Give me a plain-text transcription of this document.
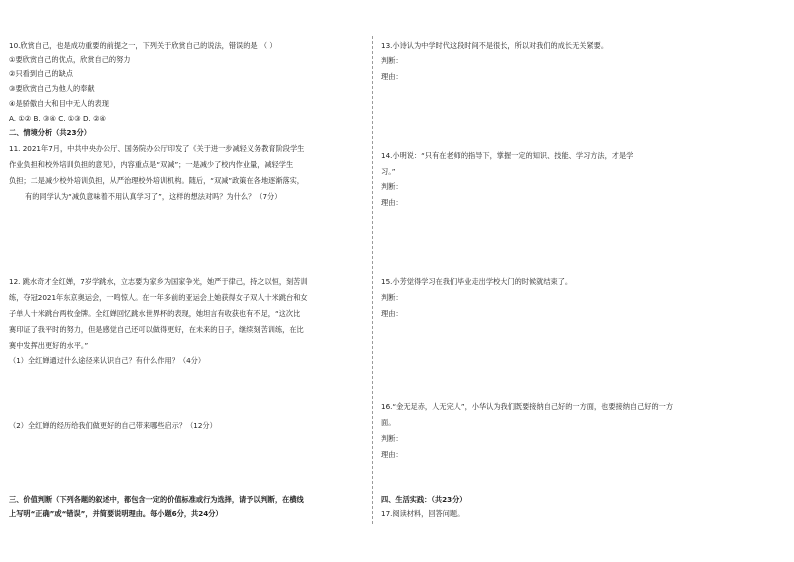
10.欣赏自己，也是成功重要的前提之一，下列关于欣赏自己的说法，错误的是 （ ）
①要欣赏自己的优点，欣赏自己的努力
②只看到自己的缺点
③要欣赏自己为他人的奉献
④是骄傲自大和目中无人的表现
A. ①② B. ③④ C. ①③ D. ②④
二、情境分析（共23分）
11. 2021年7月，中共中央办公厅、国务院办公厅印发了《关于进一步减轻义务教育阶段学生
作业负担和校外培训负担的意见》，内容重点是“双减”；一是减少了校内作业量，减轻学生
负担；二是减少校外培训负担，从严治理校外培训机构。随后，“双减”政策在各地逐渐落实，
有的同学认为“减负意味着不用认真学习了”，这样的想法对吗？为什么？（7分）
12. 跳水奇才全红婵，7岁学跳水，立志要为家乡为国家争光，她严于律己，持之以恒，刻苦训
练，夺冠2021年东京奥运会，一鸣惊人。在一年多前的亚运会上她获得女子双人十米跳台和女
子单人十米跳台两枚金牌。全红婵回忆跳水世界杯的表现，她坦言有收获也有不足，“这次比
赛印证了我平时的努力，但是感觉自己还可以做得更好，在未来的日子，继续刻苦训练，在比
赛中发挥出更好的水平。”
（1）全红婵通过什么途径来认识自己？有什么作用？（4分）
（2）全红婵的经历给我们做更好的自己带来哪些启示？（12分）
三、价值判断（下列各题的叙述中，都包含一定的价值标准或行为选择，请予以判断，在横线
上写明“正确”或“错误”，并简要说明理由。每小题6分，共24分）
13.小诗认为中学时代这段时间不是很长，所以对我们的成长无关紧要。
判断：
理由：
14.小明说：“只有在老师的指导下，掌握一定的知识、技能、学习方法，才是学
习。”
判断：
理由：
15.小芳觉得学习在我们毕业走出学校大门的时候就结束了。
判断：
理由：
16.“金无足赤，人无完人”，小华认为我们既要接纳自己好的一方面，也要接纳自己好的一方
面。
判断：
理由：
四、生活实践：（共23分）
17.阅读材料，回答问题。
